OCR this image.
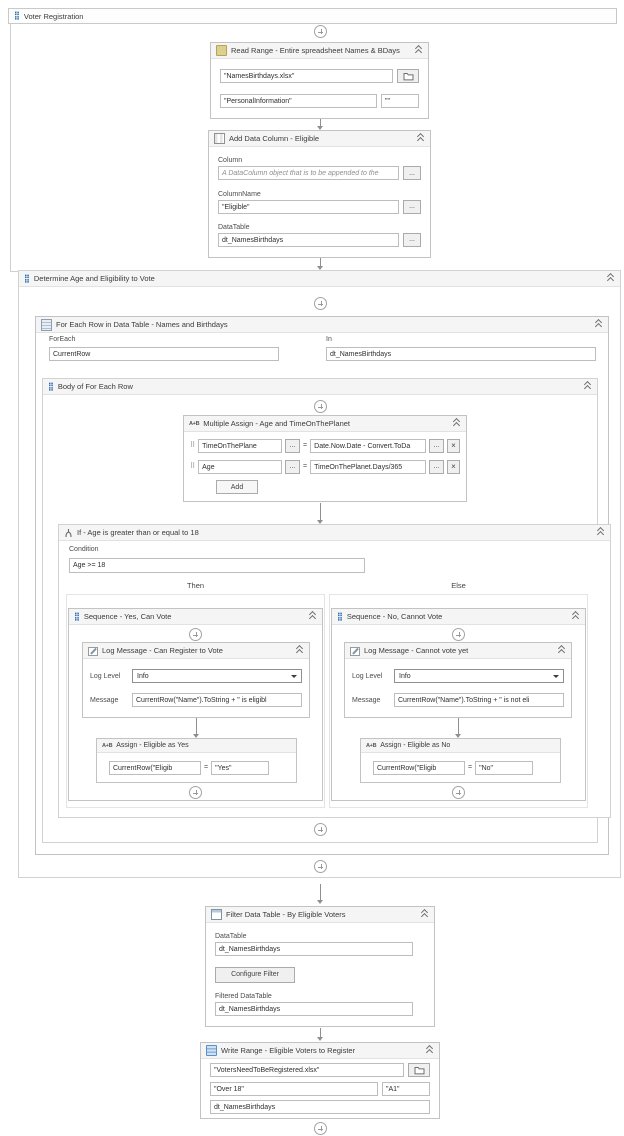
⣿ Voter Registration
Read Range - Entire spreadsheet Names & BDays
"NamesBirthdays.xlsx"
"PersonalInformation"	""
Add Data Column - Eligible
Column
A DataColumn object that is to be appended to the	...
ColumnName
"Eligible"	...
DataTable
dt_NamesBirthdays	...
⣿ Determine Age and Eligibility to Vote
For Each Row in Data Table - Names and Birthdays
ForEach	In
CurrentRow	dt_NamesBirthdays
⣿ Body of For Each Row
A+B Multiple Assign - Age and TimeOnThePlanet
⠿	TimeOnThePlane	...	=	Date.Now.Date - Convert.ToDa	...	×
⠿	Age	...	=	TimeOnThePlanet.Days/365	...	×
Add
If - Age is greater than or equal to 18
Condition
Age >= 18
Then	Else
⣿ Sequence - Yes, Can Vote
Log Message - Can Register to Vote
Log Level	Info
Message	CurrentRow("Name").ToString + " is eligibl
A+B Assign - Eligible as Yes
CurrentRow("Eligib	=	"Yes"
⣿ Sequence - No, Cannot Vote
Log Message - Cannot vote yet
Log Level	Info
Message	CurrentRow("Name").ToString + " is not eli
A+B Assign - Eligible as No
CurrentRow("Eligib	=	"No"
Filter Data Table - By Eligible Voters
DataTable
dt_NamesBirthdays
Configure Filter
Filtered DataTable
dt_NamesBirthdays
Write Range - Eligible Voters to Register
"VotersNeedToBeRegistered.xlsx"
"Over 18"	"A1"
dt_NamesBirthdays
